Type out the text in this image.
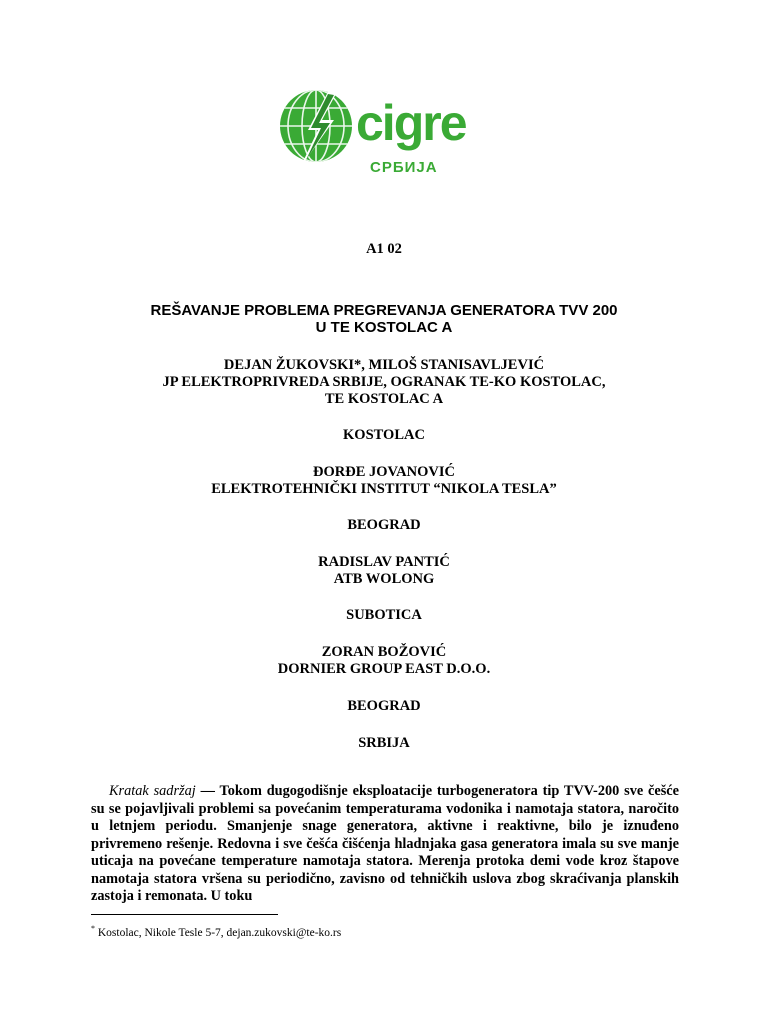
cigre
СРБИЈА
A1 02
REŠAVANJE PROBLEMA PREGREVANJA GENERATORA TVV 200
U TE KOSTOLAC A
DEJAN ŽUKOVSKI*, MILOŠ STANISAVLJEVIĆ
JP ELEKTROPRIVREDA SRBIJE, OGRANAK TE-KO KOSTOLAC,
TE KOSTOLAC A
KOSTOLAC
ĐORĐE JOVANOVIĆ
ELEKTROTEHNIČKI INSTITUT “NIKOLA TESLA”
BEOGRAD
RADISLAV PANTIĆ
ATB WOLONG
SUBOTICA
ZORAN BOŽOVIĆ
DORNIER GROUP EAST D.O.O.
BEOGRAD
SRBIJA

Kratak sadržaj — Tokom dugogodišnje eksploatacije turbogeneratora tip TVV-200 sve češće su se pojavljivali problemi sa povećanim temperaturama vodonika i namotaja statora, naročito u letnjem periodu. Smanjenje snage generatora, aktivne i reaktivne, bilo je iznuđeno privremeno rešenje. Redovna i sve češća čišćenja hladnjaka gasa generatora imala su sve manje uticaja na povećane temperature namotaja statora. Merenja protoka demi vode kroz štapove namotaja statora vršena su periodično, zavisno od tehničkih uslova zbog skraćivanja planskih zastoja i remonata. U toku

* Kostolac, Nikole Tesle 5-7, dejan.zukovski@te-ko.rs
